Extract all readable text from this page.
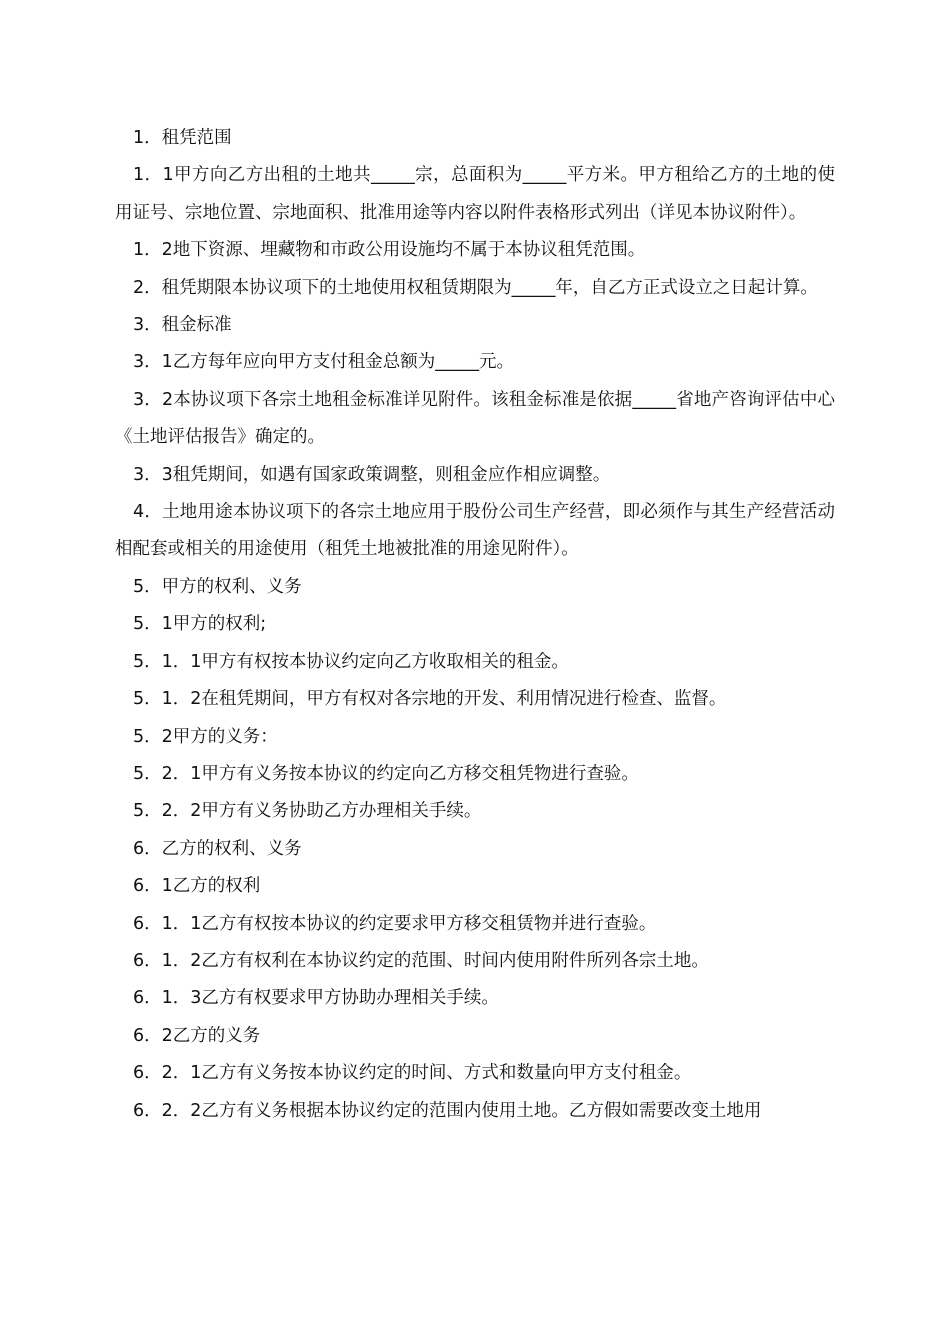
1．租凭范围

1．1甲方向乙方出租的土地共_____宗，总面积为_____平方米。甲方租给乙方的土地的使用证号、宗地位置、宗地面积、批准用途等内容以附件表格形式列出（详见本协议附件）。

1．2地下资源、埋藏物和市政公用设施均不属于本协议租凭范围。

2．租凭期限本协议项下的土地使用权租赁期限为_____年，自乙方正式设立之日起计算。

3．租金标准

3．1乙方每年应向甲方支付租金总额为_____元。

3．2本协议项下各宗土地租金标准详见附件。该租金标准是依据_____省地产咨询评估中心《土地评估报告》确定的。

3．3租凭期间，如遇有国家政策调整，则租金应作相应调整。

4．土地用途本协议项下的各宗土地应用于股份公司生产经营，即必须作与其生产经营活动相配套或相关的用途使用（租凭土地被批准的用途见附件）。

5．甲方的权利、义务

5．1甲方的权利;

5．1．1甲方有权按本协议约定向乙方收取相关的租金。

5．1．2在租凭期间，甲方有权对各宗地的开发、利用情况进行检查、监督。

5．2甲方的义务：

5．2．1甲方有义务按本协议的约定向乙方移交租凭物进行查验。

5．2．2甲方有义务协助乙方办理相关手续。

6．乙方的权利、义务

6．1乙方的权利

6．1．1乙方有权按本协议的约定要求甲方移交租赁物并进行查验。

6．1．2乙方有权利在本协议约定的范围、时间内使用附件所列各宗土地。

6．1．3乙方有权要求甲方协助办理相关手续。

6．2乙方的义务

6．2．1乙方有义务按本协议约定的时间、方式和数量向甲方支付租金。

6．2．2乙方有义务根据本协议约定的范围内使用土地。乙方假如需要改变土地用
